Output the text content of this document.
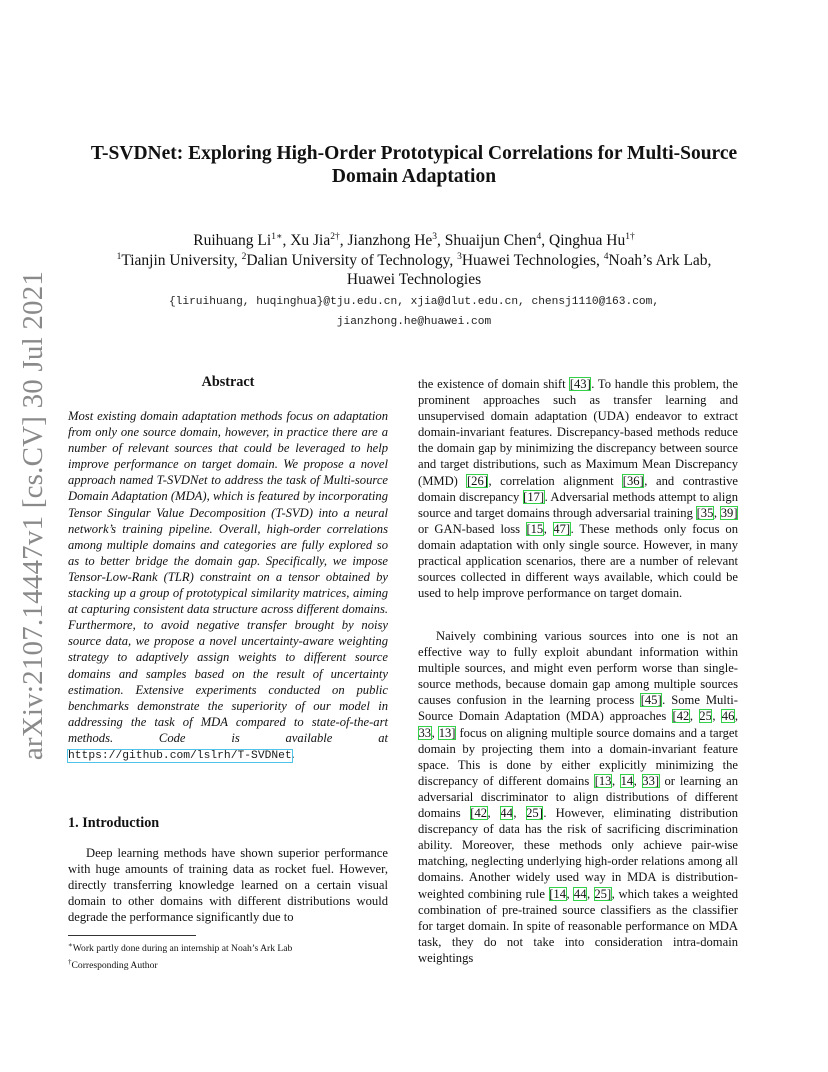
arXiv:2107.14447v1 [cs.CV] 30 Jul 2021
T-SVDNet: Exploring High-Order Prototypical Correlations for Multi-Source
Domain Adaptation
Ruihuang $Li^{1∗}$, Xu Jia$^{2\dagger}$, Jianzhong He$^3$, Shuaijun Chen$^4$, Qinghua $Hu^{1\dagger}$
$^1$Tianjin University, $^2$Dalian University of Technology, $^3$Huawei Technologies, $^4$Noah’s Ark Lab,
Huawei Technologies
{liruihuang, huqinghua}@tju.edu.cn, xjia@dlut.edu.cn, chensj1110@163.com,
jianzhong.he@huawei.com
Abstract

Most existing domain adaptation methods focus on adaptation from only one source domain, however, in practice there are a number of relevant sources that could be leveraged to help improve performance on target domain. We propose a novel approach named T-SVDNet to address the task of Multi-source Domain Adaptation (MDA), which is featured by incorporating Tensor Singular Value Decomposition (T-SVD) into a neural network’s training pipeline. Overall, high-order correlations among multiple domains and categories are fully explored so as to better bridge the domain gap. Specifically, we impose Tensor-Low-Rank (TLR) constraint on a tensor obtained by stacking up a group of prototypical similarity matrices, aiming at capturing consistent data structure across different domains. Furthermore, to avoid negative transfer brought by noisy source data, we propose a novel uncertainty-aware weighting strategy to adaptively assign weights to different source domains and samples based on the result of uncertainty estimation. Extensive experiments conducted on public benchmarks demonstrate the superiority of our model in addressing the task of MDA compared to state-of-the-art methods. Code is available at https://github.com/lslrh/T-SVDNet.

1. Introduction

Deep learning methods have shown superior performance with huge amounts of training data as rocket fuel. However, directly transferring knowledge learned on a certain visual domain to other domains with different distributions would degrade the performance significantly due to

∗Work partly done during an internship at Noah’s Ark Lab
†Corresponding Author

the existence of domain shift [43]. To handle this problem, the prominent approaches such as transfer learning and unsupervised domain adaptation (UDA) endeavor to extract domain-invariant features. Discrepancy-based methods reduce the domain gap by minimizing the discrepancy between source and target distributions, such as Maximum Mean Discrepancy (MMD) [26], correlation alignment [36], and contrastive domain discrepancy [17]. Adversarial methods attempt to align source and target domains through adversarial training [35, 39] or GAN-based loss [15, 47]. These methods only focus on domain adaptation with only single source. However, in many practical application scenarios, there are a number of relevant sources collected in different ways available, which could be used to help improve performance on target domain.

Naively combining various sources into one is not an effective way to fully exploit abundant information within multiple sources, and might even perform worse than single-source methods, because domain gap among multiple sources causes confusion in the learning process [45]. Some Multi-Source Domain Adaptation (MDA) approaches [42, 25, 46, 33, 13] focus on aligning multiple source domains and a target domain by projecting them into a domain-invariant feature space. This is done by either explicitly minimizing the discrepancy of different domains [13, 14, 33] or learning an adversarial discriminator to align distributions of different domains [42, 44, 25]. However, eliminating distribution discrepancy of data has the risk of sacrificing discrimination ability. Moreover, these methods only achieve pair-wise matching, neglecting underlying high-order relations among all domains. Another widely used way in MDA is distribution-weighted combining rule [14, 44, 25], which takes a weighted combination of pre-trained source classifiers as the classifier for target domain. In spite of reasonable performance on MDA task, they do not take into consideration intra-domain weightings
